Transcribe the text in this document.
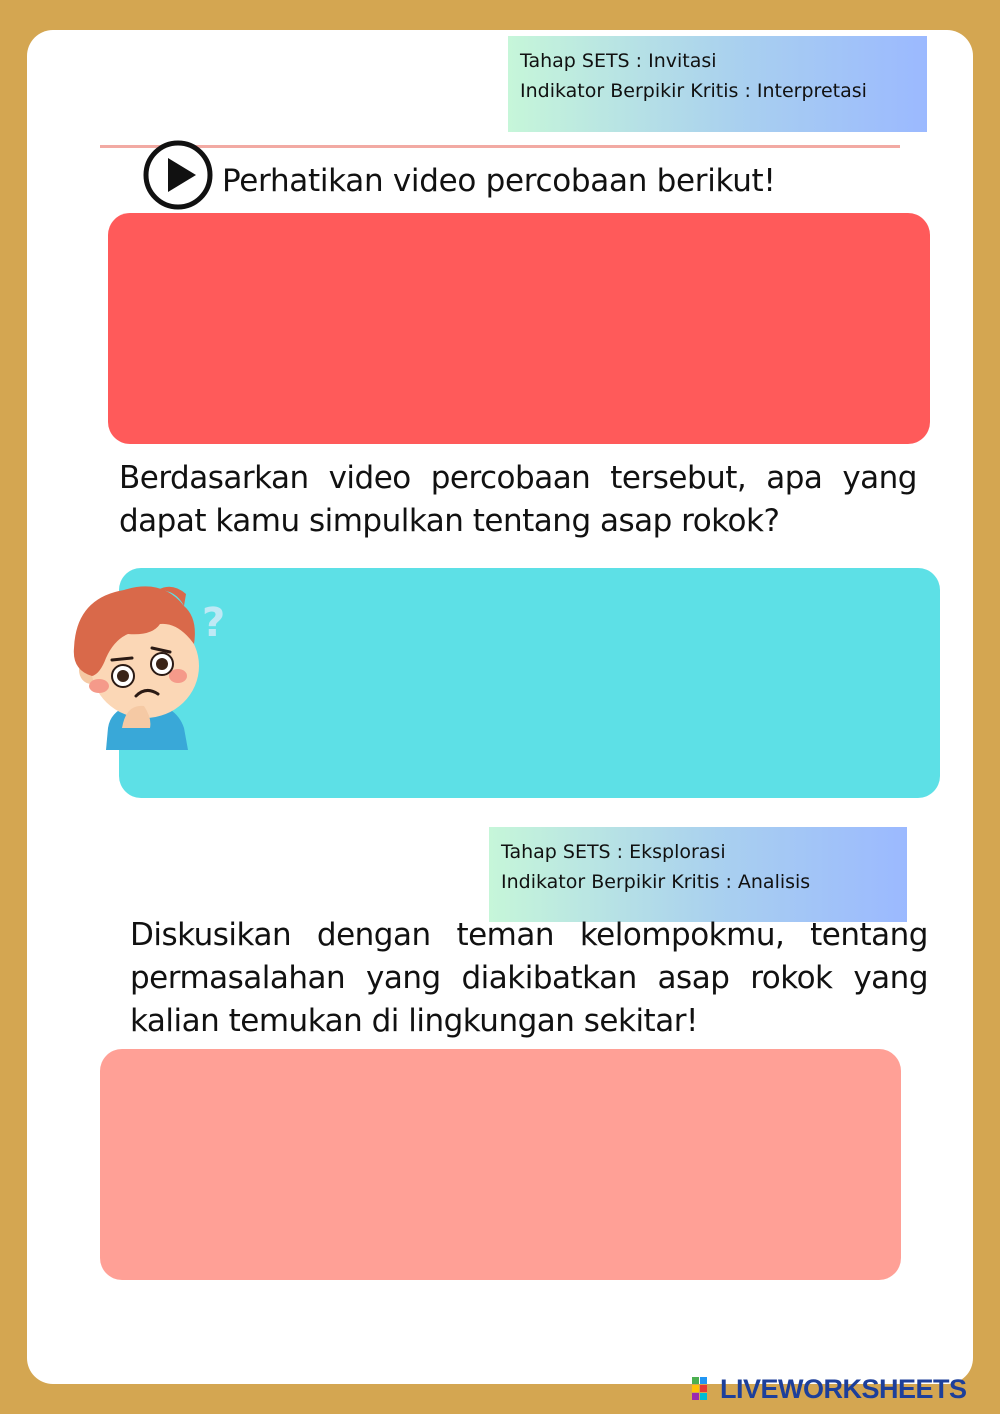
Tahap SETS : Invitasi
Indikator Berpikir Kritis : Interpretasi
Perhatikan video percobaan berikut!
Berdasarkan video percobaan tersebut, apa yang dapat kamu simpulkan tentang asap rokok?
?
Tahap SETS : Eksplorasi
Indikator Berpikir Kritis : Analisis
Diskusikan dengan teman kelompokmu, tentang permasalahan yang diakibatkan asap rokok yang kalian temukan di lingkungan sekitar!
LIVEWORKSHEETS
